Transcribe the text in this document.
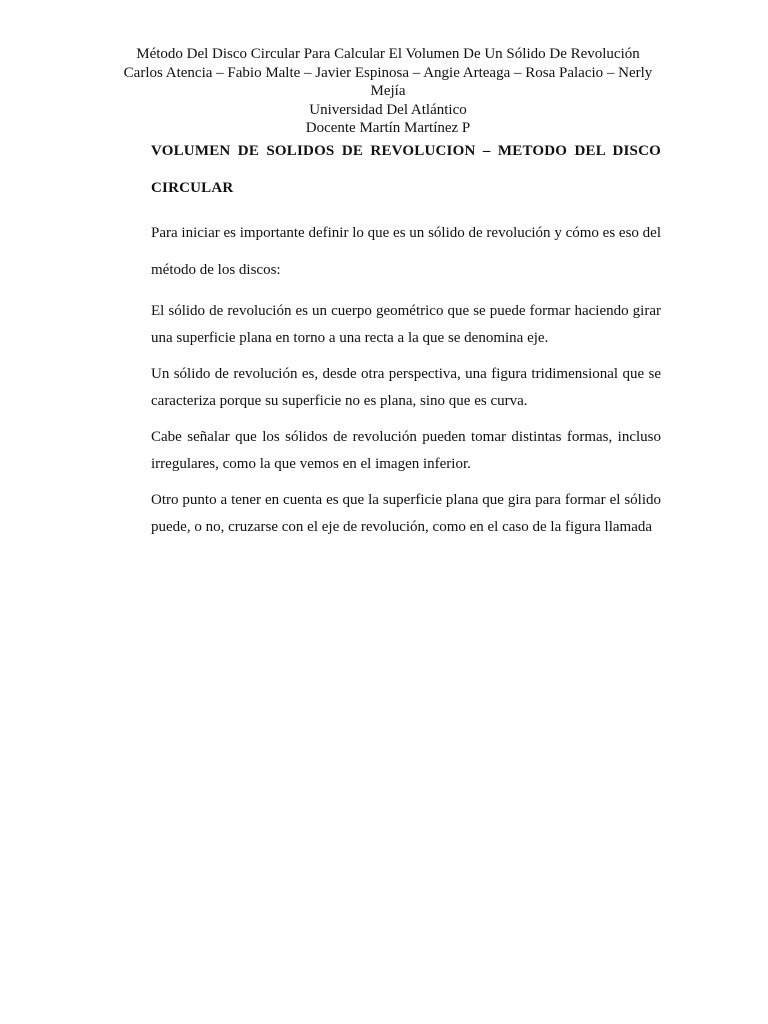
Método Del Disco Circular Para Calcular El Volumen De Un Sólido De Revolución
Carlos Atencia – Fabio Malte – Javier Espinosa – Angie Arteaga – Rosa Palacio – Nerly Mejía
Universidad Del Atlántico
Docente Martín Martínez P
VOLUMEN DE SOLIDOS DE REVOLUCION – METODO DEL DISCO
CIRCULAR

Para iniciar es importante definir lo que es un sólido de revolución y cómo es eso del método de los discos:

El sólido de revolución es un cuerpo geométrico que se puede formar haciendo girar una superficie plana en torno a una recta a la que se denomina eje.

Un sólido de revolución es, desde otra perspectiva, una figura tridimensional que se caracteriza porque su superficie no es plana, sino que es curva.

Cabe señalar que los sólidos de revolución pueden tomar distintas formas, incluso irregulares, como la que vemos en el imagen inferior.

Otro punto a tener en cuenta es que la superficie plana que gira para formar el sólido puede, o no, cruzarse con el eje de revolución, como en el caso de la figura llamada
